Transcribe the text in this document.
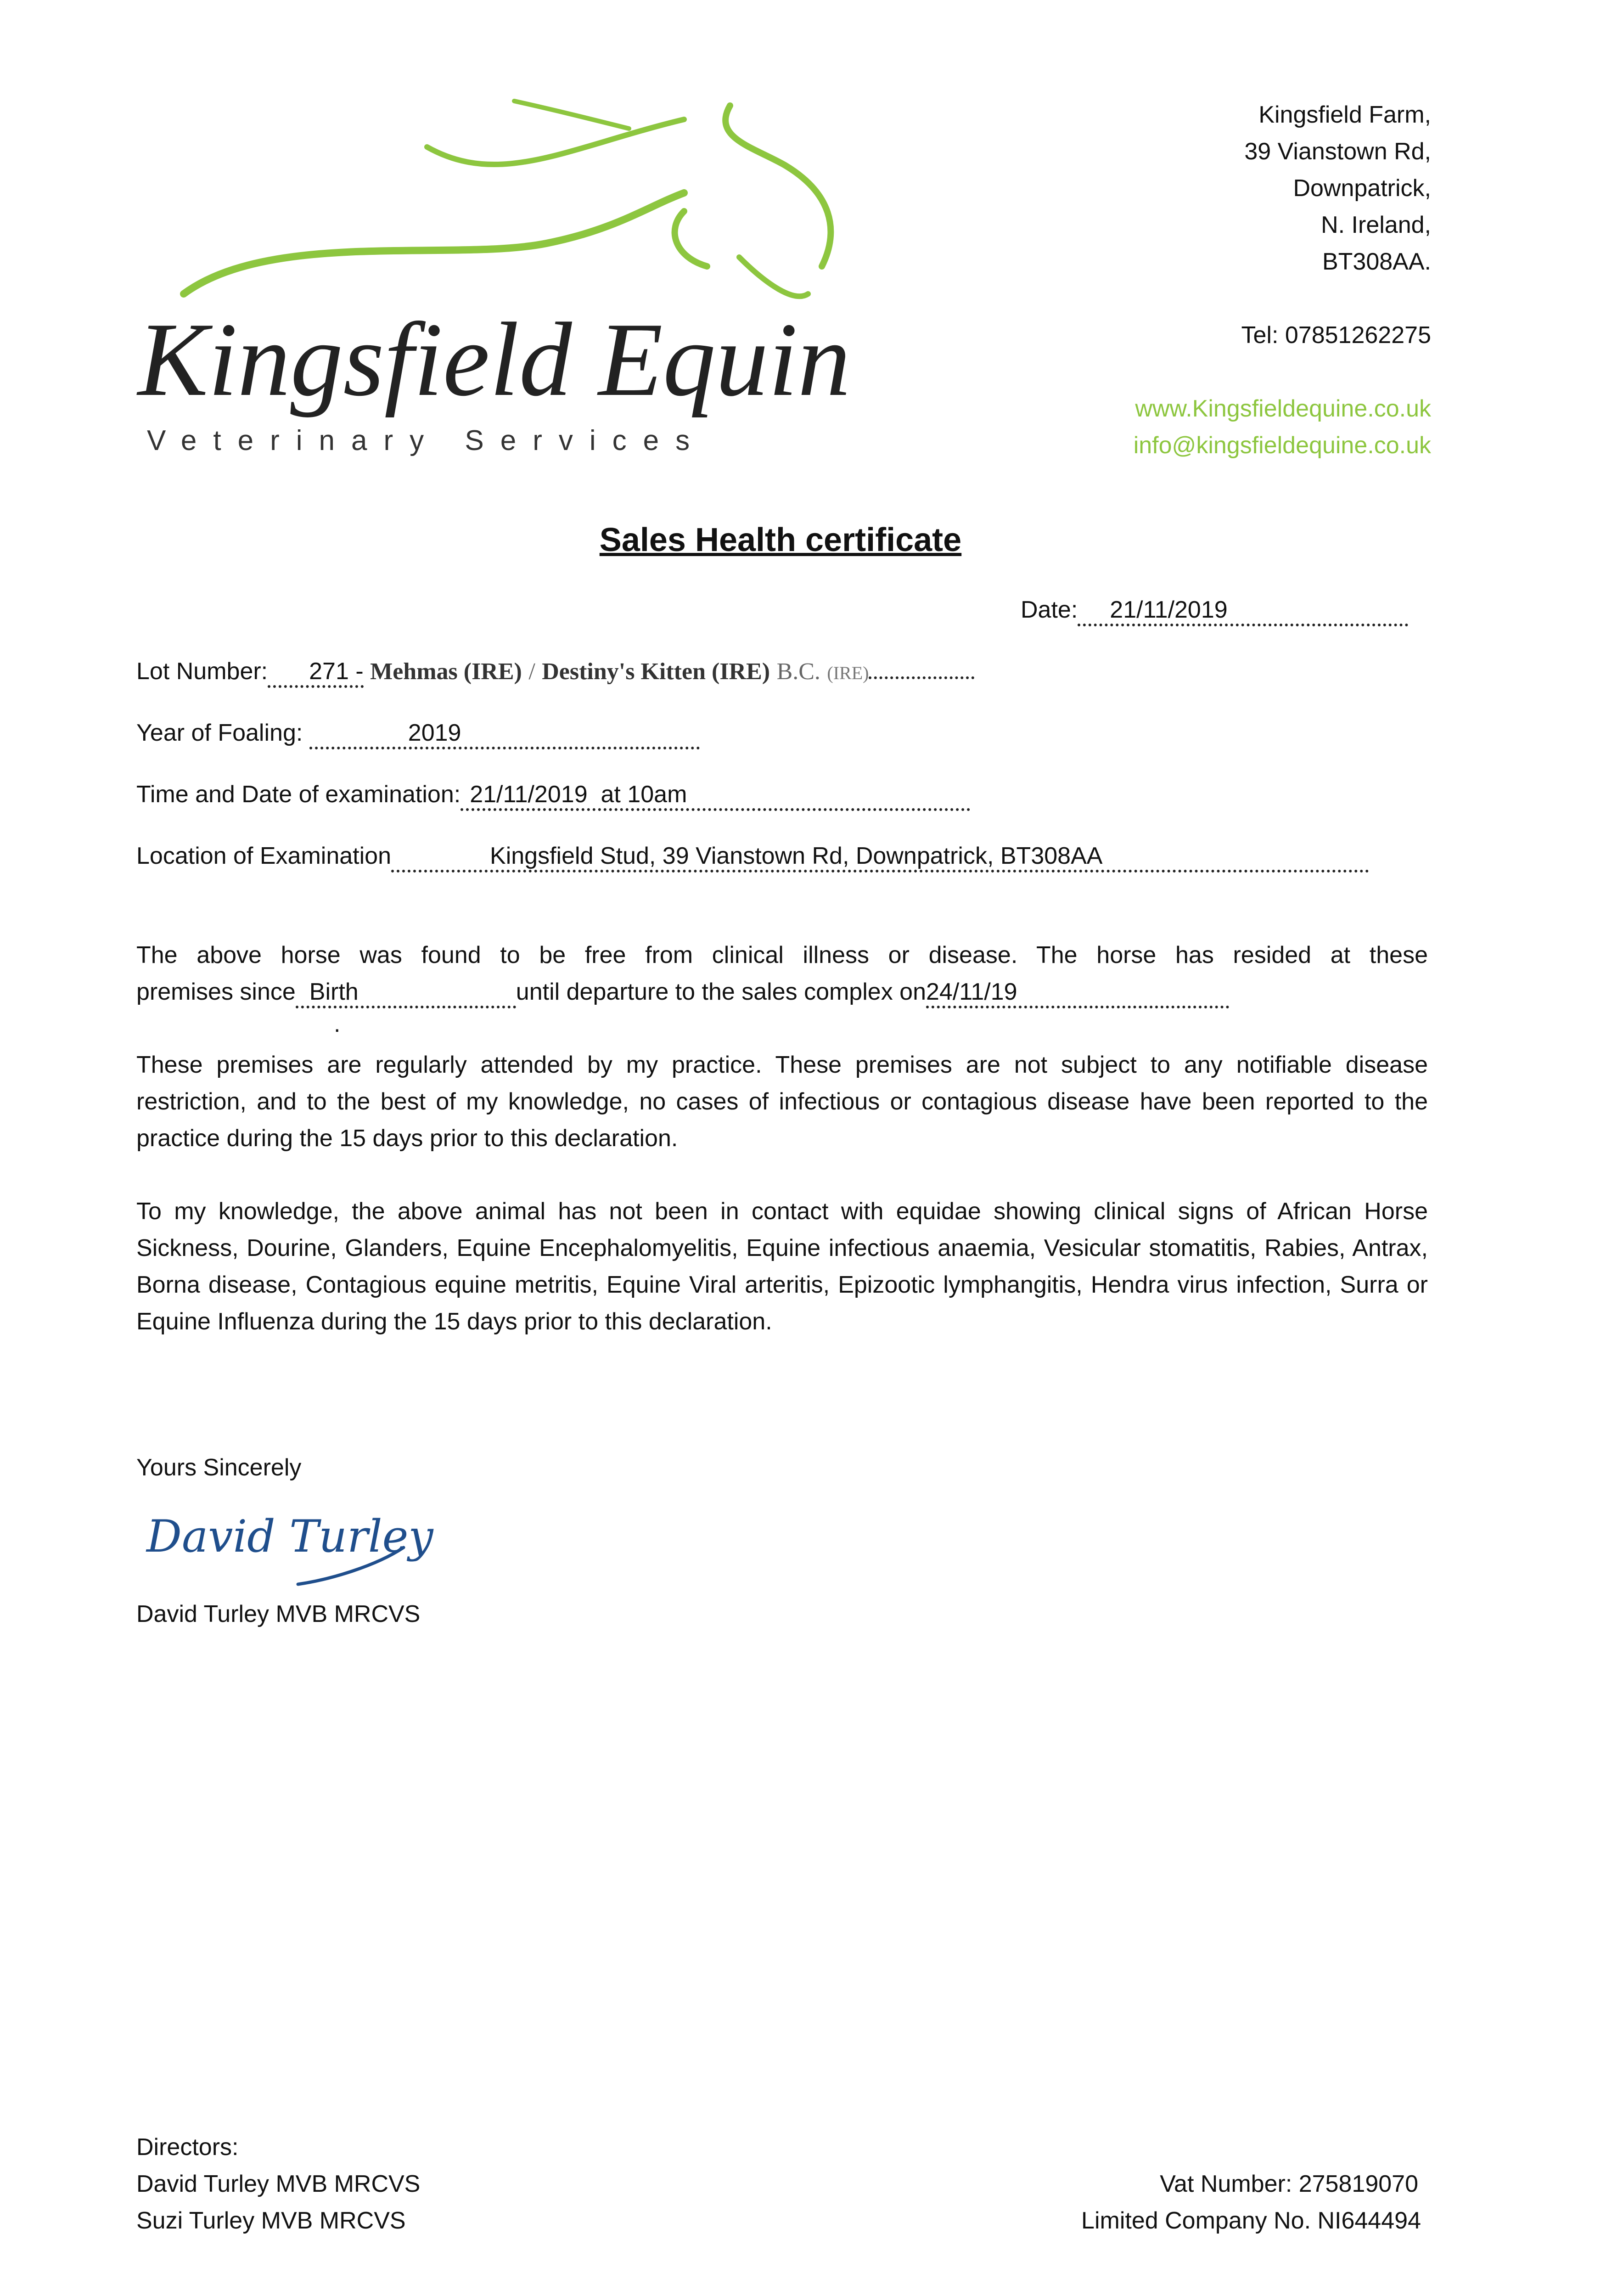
Kingsfield Equine
Veterinary Services
Kingsfield Farm,
39 Vianstown Rd,
Downpatrick,
N. Ireland,
BT308AA.
Tel: 07851262275
www.Kingsfieldequine.co.uk
info@kingsfieldequine.co.uk
Sales Health certificate
Date: 21/11/2019
Lot Number: 271 - Mehmas (IRE) / Destiny's Kitten (IRE) B.C. (IRE)
Year of Foaling:	2019
Time and Date of examination: 21/11/2019  at 10am
Location of Examination	Kingsfield Stud, 39 Vianstown Rd, Downpatrick, BT308AA
The above horse was found to be free from clinical illness or disease. The horse has resided at these
premises since Birth	until departure to the sales complex on24/11/19
.
These premises are regularly attended by my practice. These premises are not subject to any notifiable disease restriction, and to the best of my knowledge, no cases of infectious or contagious disease have been reported to the practice during the 15 days prior to this declaration.
To my knowledge, the above animal has not been in contact with equidae showing clinical signs of African Horse Sickness, Dourine, Glanders, Equine Encephalomyelitis, Equine infectious anaemia, Vesicular stomatitis, Rabies, Antrax, Borna disease, Contagious equine metritis, Equine Viral arteritis, Epizootic lymphangitis, Hendra virus infection, Surra or Equine Influenza during the 15 days prior to this declaration.
Yours Sincerely
David Turley
David Turley MVB MRCVS
Directors:
David Turley MVB MRCVS
Suzi Turley MVB MRCVS
Vat Number: 275819070
Limited Company No. NI644494
